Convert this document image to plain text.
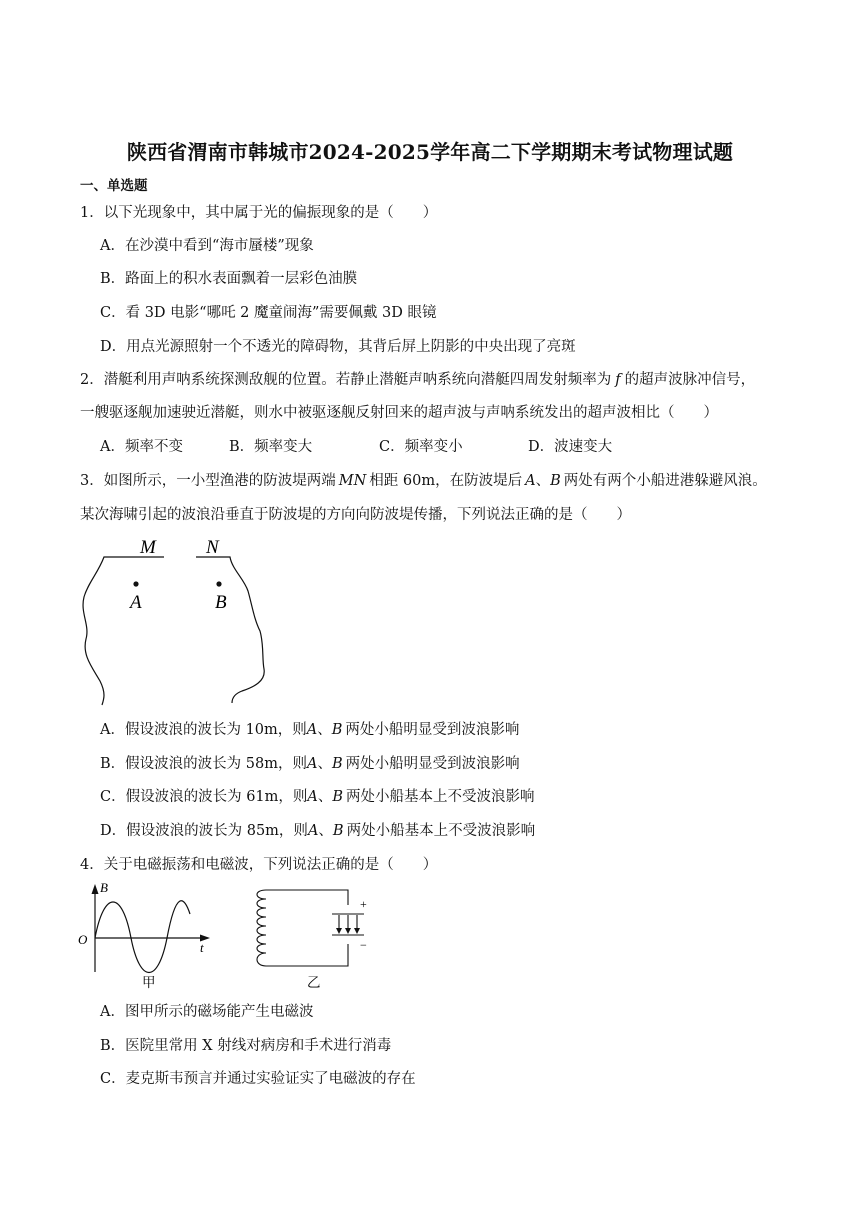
陕西省渭南市韩城市2024-2025学年高二下学期期末考试物理试题
一、单选题
1．以下光现象中，其中属于光的偏振现象的是（　　）
A．在沙漠中看到“海市蜃楼”现象
B．路面上的积水表面飘着一层彩色油膜
C．看 3D 电影“哪吒 2 魔童闹海”需要佩戴 3D 眼镜
D．用点光源照射一个不透光的障碍物，其背后屏上阴影的中央出现了亮斑
2．潜艇利用声呐系统探测敌舰的位置。若静止潜艇声呐系统向潜艇四周发射频率为 f 的超声波脉冲信号，
一艘驱逐舰加速驶近潜艇，则水中被驱逐舰反射回来的超声波与声呐系统发出的超声波相比（　　）
A．频率不变	B．频率变大	C．频率变小	D．波速变大
3．如图所示，一小型渔港的防波堤两端 MN 相距 60m，在防波堤后 A、B 两处有两个小船进港躲避风浪。
某次海啸引起的波浪沿垂直于防波堤的方向向防波堤传播，下列说法正确的是（　　）
M	N
A	B
A．假设波浪的波长为 10m，则A、B 两处小船明显受到波浪影响
B．假设波浪的波长为 58m，则A、B 两处小船明显受到波浪影响
C．假设波浪的波长为 61m，则A、B 两处小船基本上不受波浪影响
D．假设波浪的波长为 85m，则A、B 两处小船基本上不受波浪影响
4．关于电磁振荡和电磁波，下列说法正确的是（　　）
B
O
t
甲
+
−
乙
A．图甲所示的磁场能产生电磁波
B．医院里常用 X 射线对病房和手术进行消毒
C．麦克斯韦预言并通过实验证实了电磁波的存在
